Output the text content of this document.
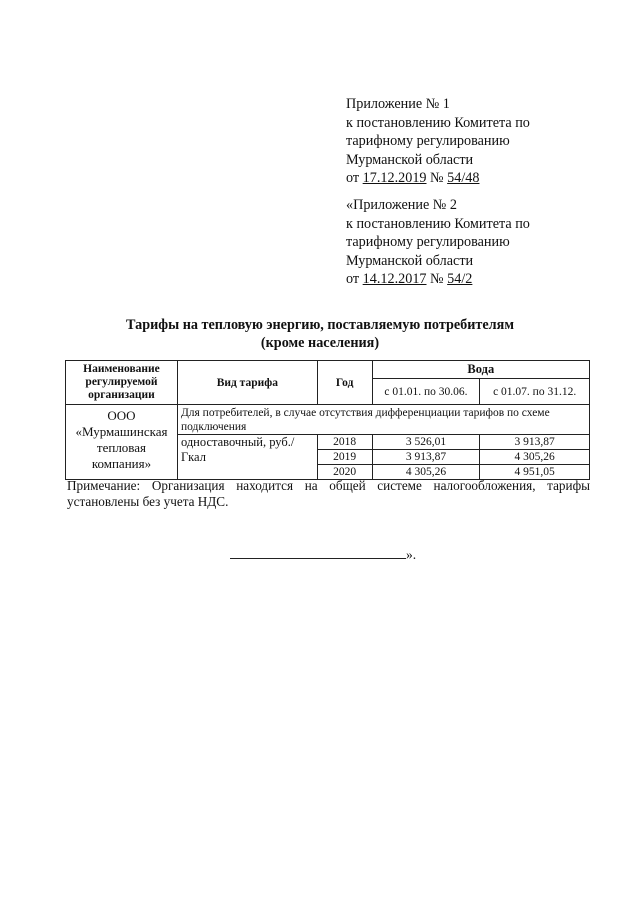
Приложение № 1
к постановлению Комитета по
тарифному регулированию
Мурманской области
от 17.12.2019 № 54/48
«Приложение № 2
к постановлению Комитета по
тарифному регулированию
Мурманской области
от 14.12.2017 № 54/2
Тарифы на тепловую энергию, поставляемую потребителям
(кроме населения)
Наименование регулируемой организации	Вид тарифа	Год	Вода	
			с 01.01. по 30.06.	с 01.07. по 31.12.
ООО «Мурмашинская тепловая компания»	Для потребителей, в случае отсутствия дифференциации тарифов по схеме подключения			
	одноставочный, руб./Гкал	2018	3 526,01	3 913,87
		2019	3 913,87	4 305,26
		2020	4 305,26	4 951,05
Примечание: Организация находится на общей системе налогообложения, тарифы
установлены без учета НДС.
».
